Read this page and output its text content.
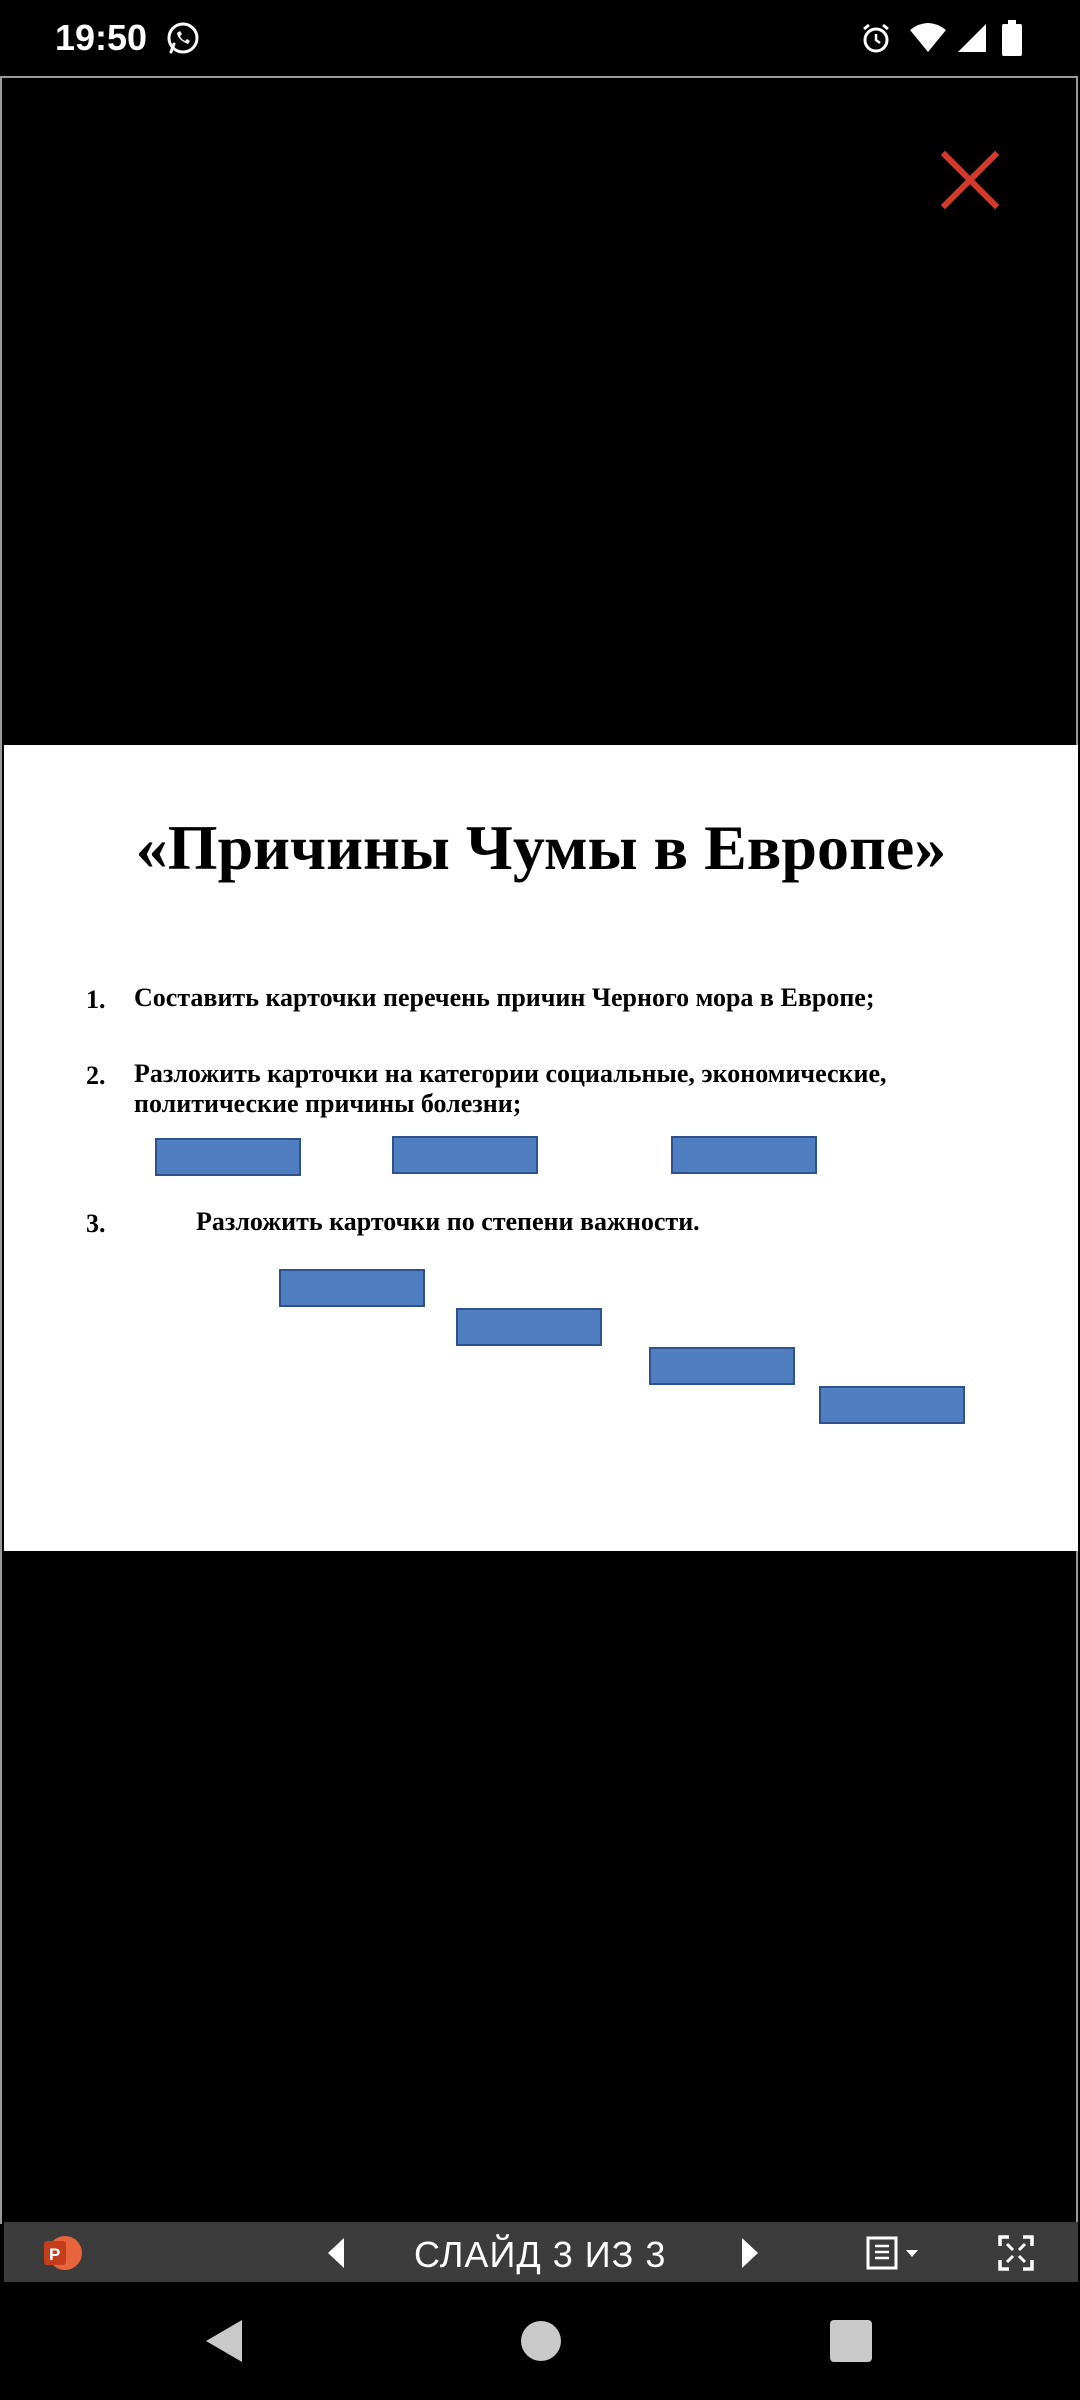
19:50
«Причины Чумы в Европе»
1. Составить карточки перечень причин Черного мора в Европе;
2. Разложить карточки на категории социальные, экономические,
политические причины болезни;
3.	Разложить карточки по степени важности.
P	СЛАЙД 3 ИЗ 3
